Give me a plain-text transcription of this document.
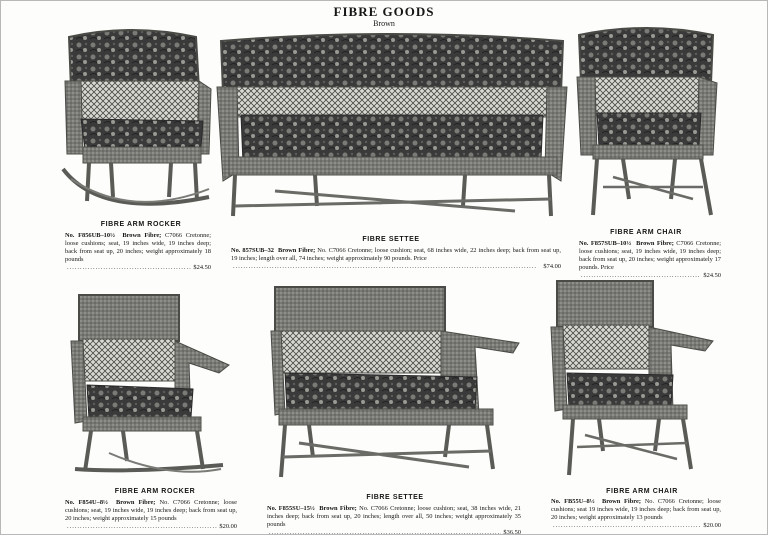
FIBRE GOODS
Brown
FIBRE ARM ROCKER
No. F856UB–10½ Brown Fibre; C7066 Cretonne; loose cushions; seat, 19 inches wide, 19 inches deep; back from seat up, 20 inches; weight approximately 18 pounds
.....
$24.50
FIBRE SETTEE
No. 857SUB–32 Brown Fibre; No. C7066 Cretonne; loose cushion; seat, 68 inches wide, 22 inches deep; back from seat up, 19 inches; length over all, 74 inches; weight approximately 90 pounds. Price
.....
$74.00
FIBRE ARM CHAIR
No. F857SUB–10½ Brown Fibre; C7066 Cretonne; loose cushions; seat, 19 inches wide, 19 inches deep; back from seat up, 20 inches; weight approximately 17 pounds. Price
.....
$24.50
FIBRE ARM ROCKER
No. F854U–8½ Brown Fibre; No. C7066 Cretonne; loose cushions; seat, 19 inches wide, 19 inches deep; back from seat up, 20 inches; weight approximately 15 pounds
.....
$20.00
FIBRE SETTEE
No. F855SU–15½ Brown Fibre; No. C7066 Cretonne; loose cushion; seat, 38 inches wide, 21 inches deep; back from seat up, 20 inches; length over all, 50 inches; weight approximately 35 pounds
.....
$36.50
FIBRE ARM CHAIR
No. FB55U–8½ Brown Fibre; No. C7066 Cretonne; loose cushions; seat 19 inches wide, 19 inches deep; back from seat up, 20 inches; weight approximately 13 pounds
.....
$20.00
